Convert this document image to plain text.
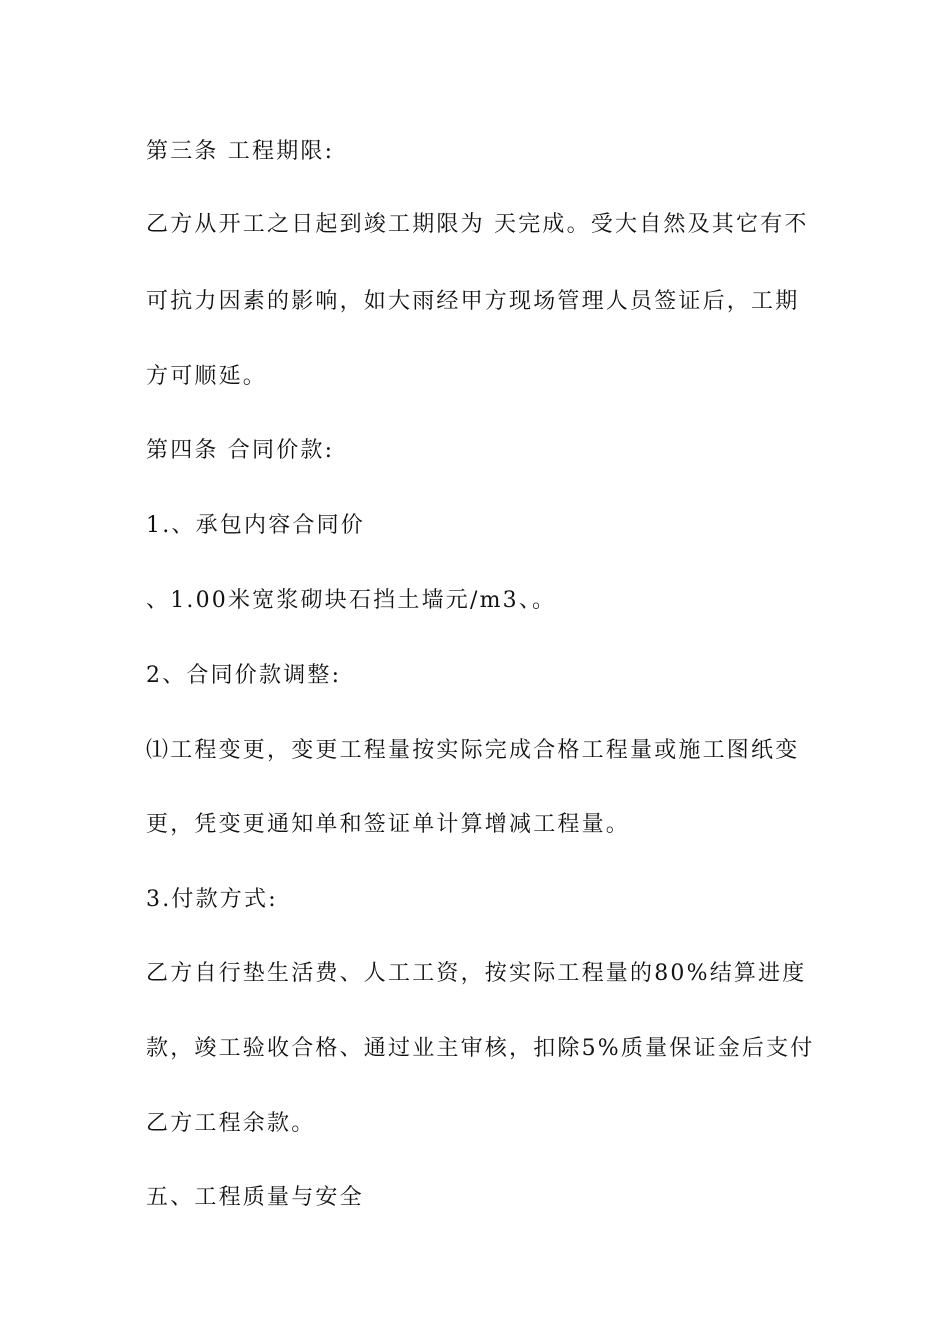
第三条 工程期限:
乙方从开工之日起到竣工期限为 天完成。受大自然及其它有不
可抗力因素的影响，如大雨经甲方现场管理人员签证后，工期
方可顺延。
第四条 合同价款:
1.、承包内容合同价
、1.00米宽浆砌块石挡土墙元/m3、。
2、合同价款调整:
⑴工程变更，变更工程量按实际完成合格工程量或施工图纸变
更，凭变更通知单和签证单计算增减工程量。
3.付款方式:
乙方自行垫生活费、人工工资，按实际工程量的80%结算进度
款，竣工验收合格、通过业主审核，扣除5%质量保证金后支付
乙方工程余款。
五、工程质量与安全
